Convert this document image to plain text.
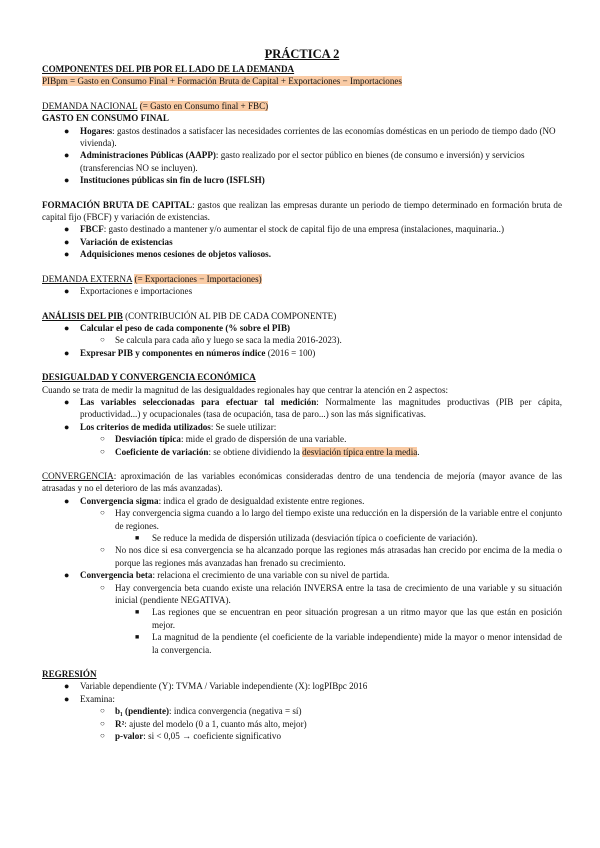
PRÁCTICA 2

COMPONENTES DEL PIB POR EL LADO DE LA DEMANDA

PIBpm = Gasto en Consumo Final + Formación Bruta de Capital + Exportaciones − Importaciones

DEMANDA NACIONAL (= Gasto en Consumo final + FBC)

GASTO EN CONSUMO FINAL

● Hogares: gastos destinados a satisfacer las necesidades corrientes de las economías domésticas en un periodo de tiempo dado (NO vivienda).
● Administraciones Públicas (AAPP): gasto realizado por el sector público en bienes (de consumo e inversión) y servicios (transferencias NO se incluyen).
● Instituciones públicas sin fin de lucro (ISFLSH)

FORMACIÓN BRUTA DE CAPITAL: gastos que realizan las empresas durante un periodo de tiempo determinado en formación bruta de capital fijo (FBCF) y variación de existencias.

● FBCF: gasto destinado a mantener y/o aumentar el stock de capital fijo de una empresa (instalaciones, maquinaria..)
● Variación de existencias
● Adquisiciones menos cesiones de objetos valiosos.

DEMANDA EXTERNA (= Exportaciones − Importaciones)

● Exportaciones e importaciones

ANÁLISIS DEL PIB (CONTRIBUCIÓN AL PIB DE CADA COMPONENTE)

● Calcular el peso de cada componente (% sobre el PIB)
○ Se calcula para cada año y luego se saca la media 2016-2023).
● Expresar PIB y componentes en números índice (2016 = 100)

DESIGUALDAD Y CONVERGENCIA ECONÓMICA

Cuando se trata de medir la magnitud de las desigualdades regionales hay que centrar la atención en 2 aspectos:

● Las variables seleccionadas para efectuar tal medición: Normalmente las magnitudes productivas (PIB per cápita, productividad...) y ocupacionales (tasa de ocupación, tasa de paro...) son las más significativas.
● Los criterios de medida utilizados: Se suele utilizar:
○ Desviación típica: mide el grado de dispersión de una variable.
○ Coeficiente de variación: se obtiene dividiendo la desviación típica entre la media.

CONVERGENCIA: aproximación de las variables económicas consideradas dentro de una tendencia de mejoría (mayor avance de las atrasadas y no el deterioro de las más avanzadas).

● Convergencia sigma: indica el grado de desigualdad existente entre regiones.
○ Hay convergencia sigma cuando a lo largo del tiempo existe una reducción en la dispersión de la variable entre el conjunto de regiones.
■ Se reduce la medida de dispersión utilizada (desviación típica o coeficiente de variación).
○ No nos dice si esa convergencia se ha alcanzado porque las regiones más atrasadas han crecido por encima de la media o porque las regiones más avanzadas han frenado su crecimiento.
● Convergencia beta: relaciona el crecimiento de una variable con su nivel de partida.
○ Hay convergencia beta cuando existe una relación INVERSA entre la tasa de crecimiento de una variable y su situación inicial (pendiente NEGATIVA).
■ Las regiones que se encuentran en peor situación progresan a un ritmo mayor que las que están en posición mejor.
■ La magnitud de la pendiente (el coeficiente de la variable independiente) mide la mayor o menor intensidad de la convergencia.

REGRESIÓN

● Variable dependiente (Y): TVMA / Variable independiente (X): logPIBpc 2016
● Examina:
○ b₁ (pendiente): indica convergencia (negativa = sí)
○ R²: ajuste del modelo (0 a 1, cuanto más alto, mejor)
○ p-valor: si < 0,05 → coeficiente significativo
